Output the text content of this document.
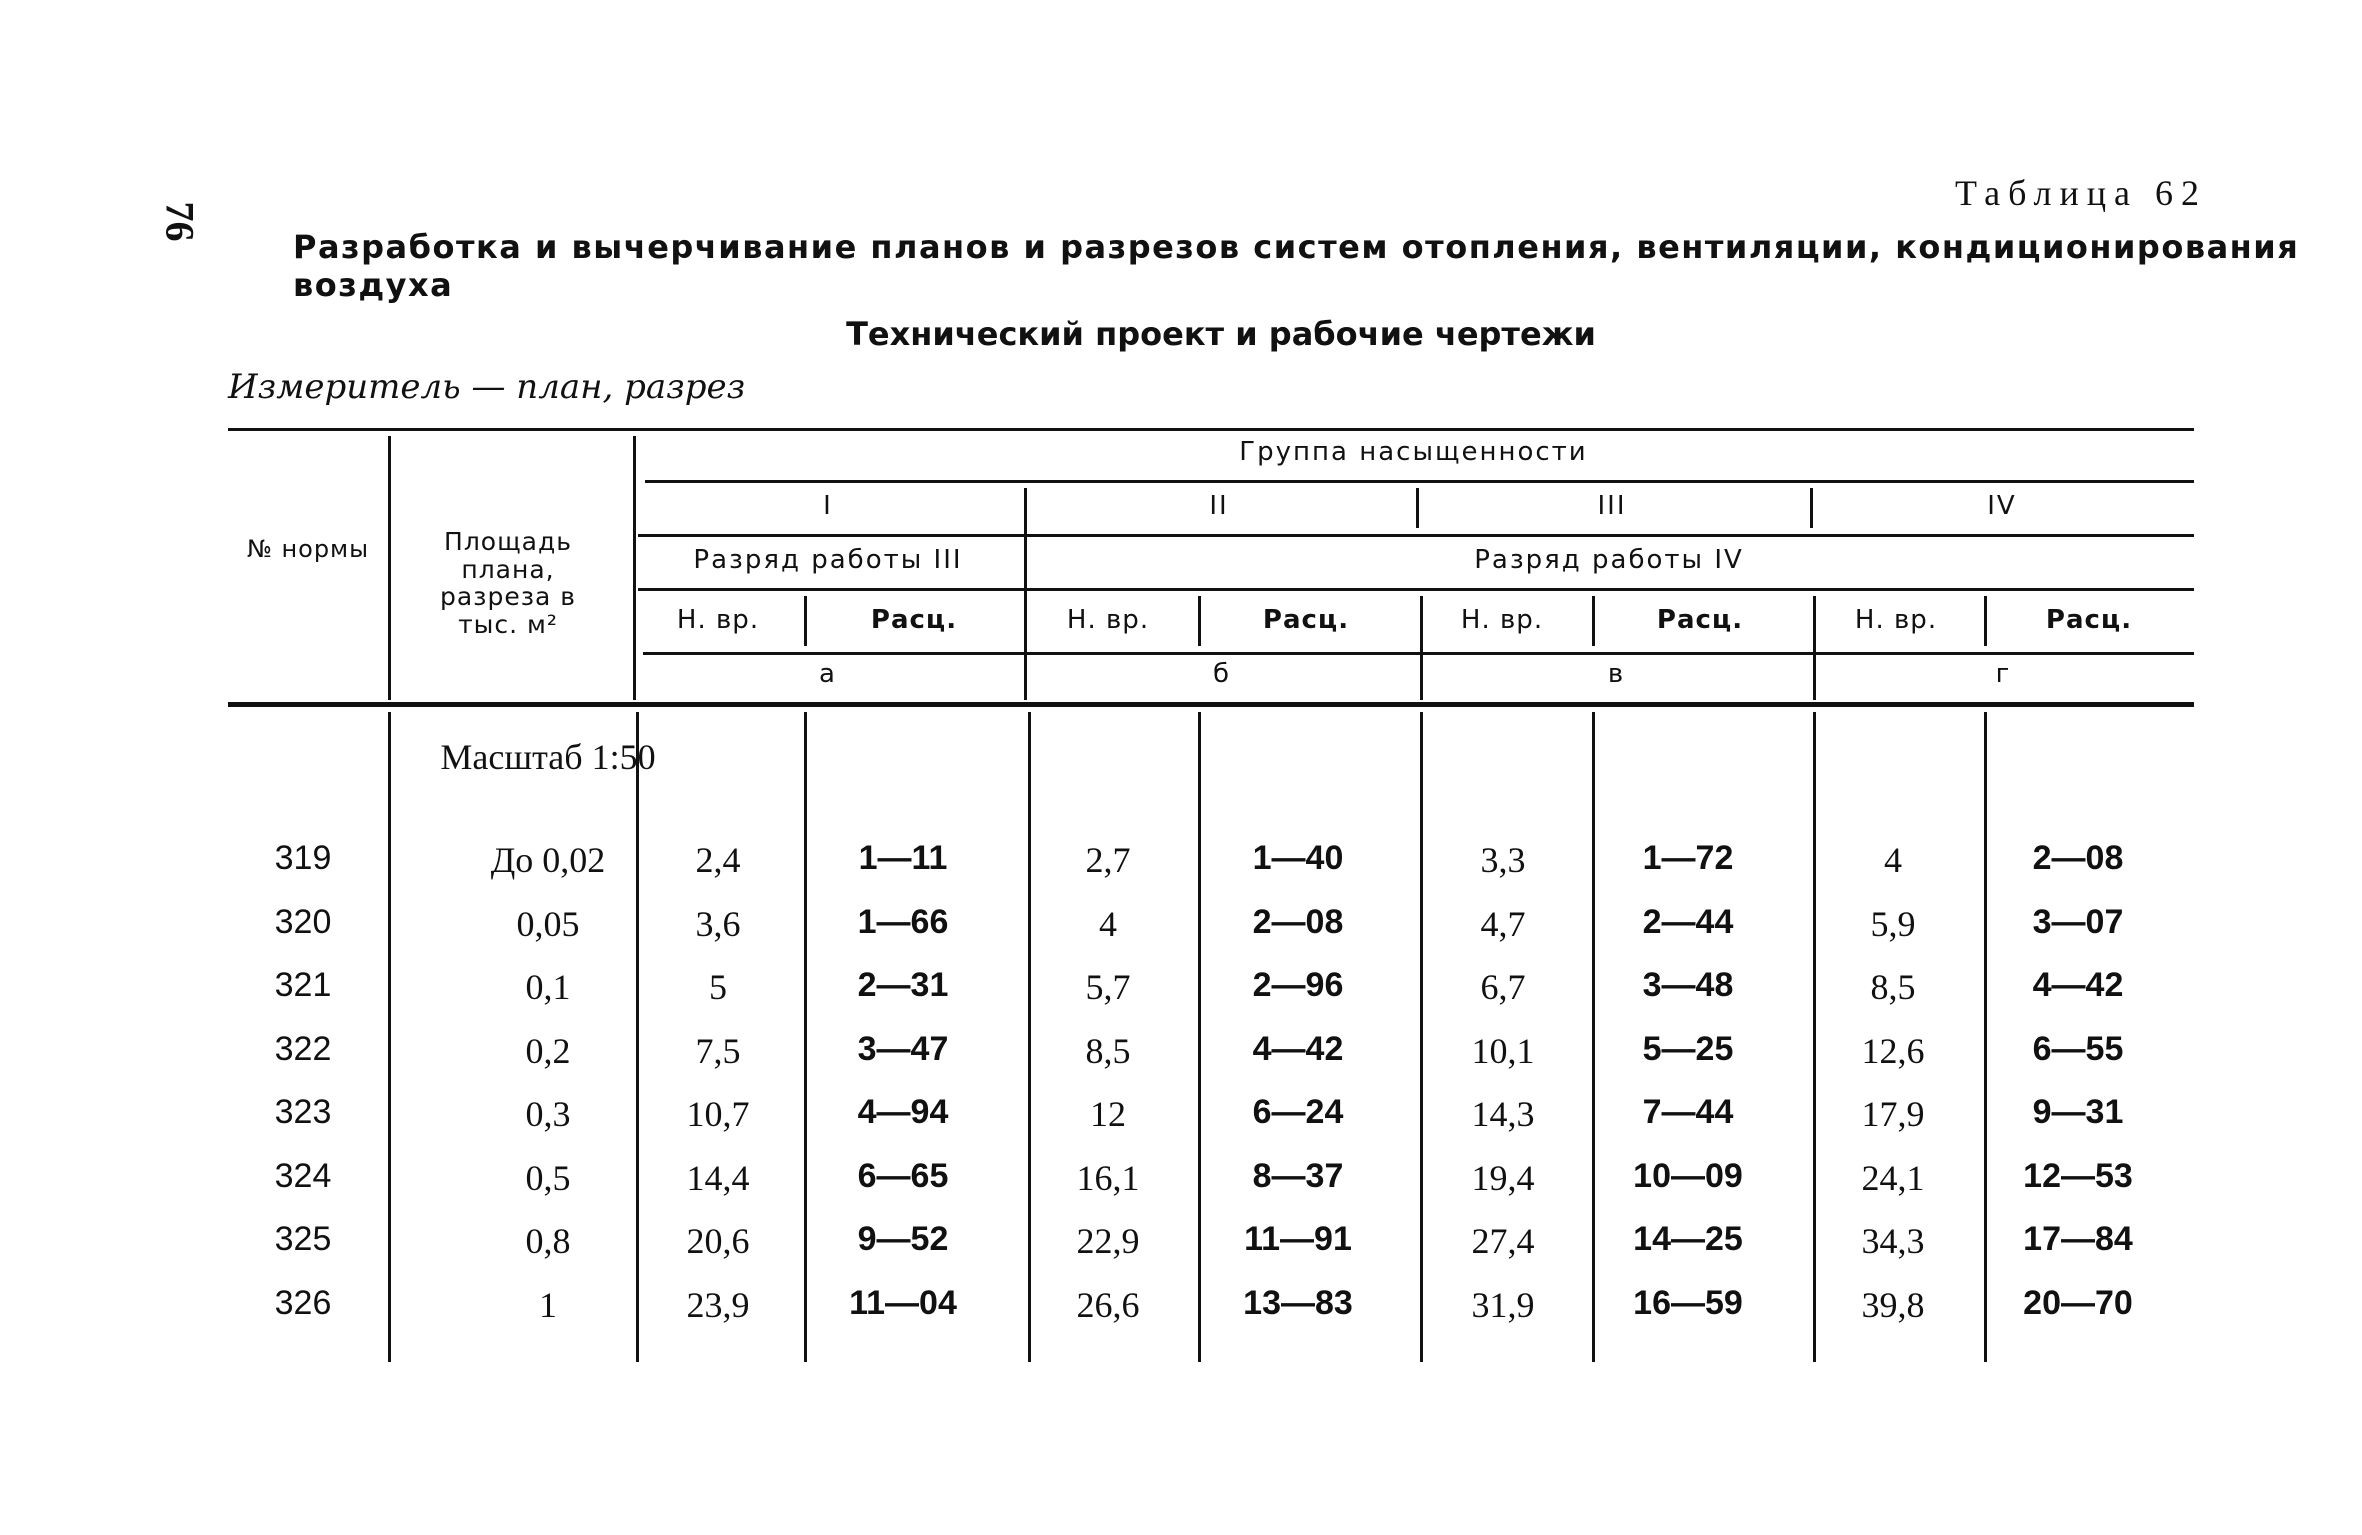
76
Таблица 62
Разработка и вычерчивание планов и разрезов систем отопления, вентиляции, кондиционирования воздуха
Технический проект и рабочие чертежи
Измеритель — план, разрез
№ нормы	Площадь плана, разреза в тыс. м²
Группа насыщенности
I	II	III	IV
Разряд работы III	Разряд работы IV
Н. вр.	Расц.	Н. вр.	Расц.	Н. вр.	Расц.	Н. вр.	Расц.
а	б	в	г
Масштаб 1:50
319	До 0,02	2,4	1—11	2,7	1—40	3,3	1—72	4	2—08
320	0,05	3,6	1—66	4	2—08	4,7	2—44	5,9	3—07
321	0,1	5	2—31	5,7	2—96	6,7	3—48	8,5	4—42
322	0,2	7,5	3—47	8,5	4—42	10,1	5—25	12,6	6—55
323	0,3	10,7	4—94	12	6—24	14,3	7—44	17,9	9—31
324	0,5	14,4	6—65	16,1	8—37	19,4	10—09	24,1	12—53
325	0,8	20,6	9—52	22,9	11—91	27,4	14—25	34,3	17—84
326	1	23,9	11—04	26,6	13—83	31,9	16—59	39,8	20—70
